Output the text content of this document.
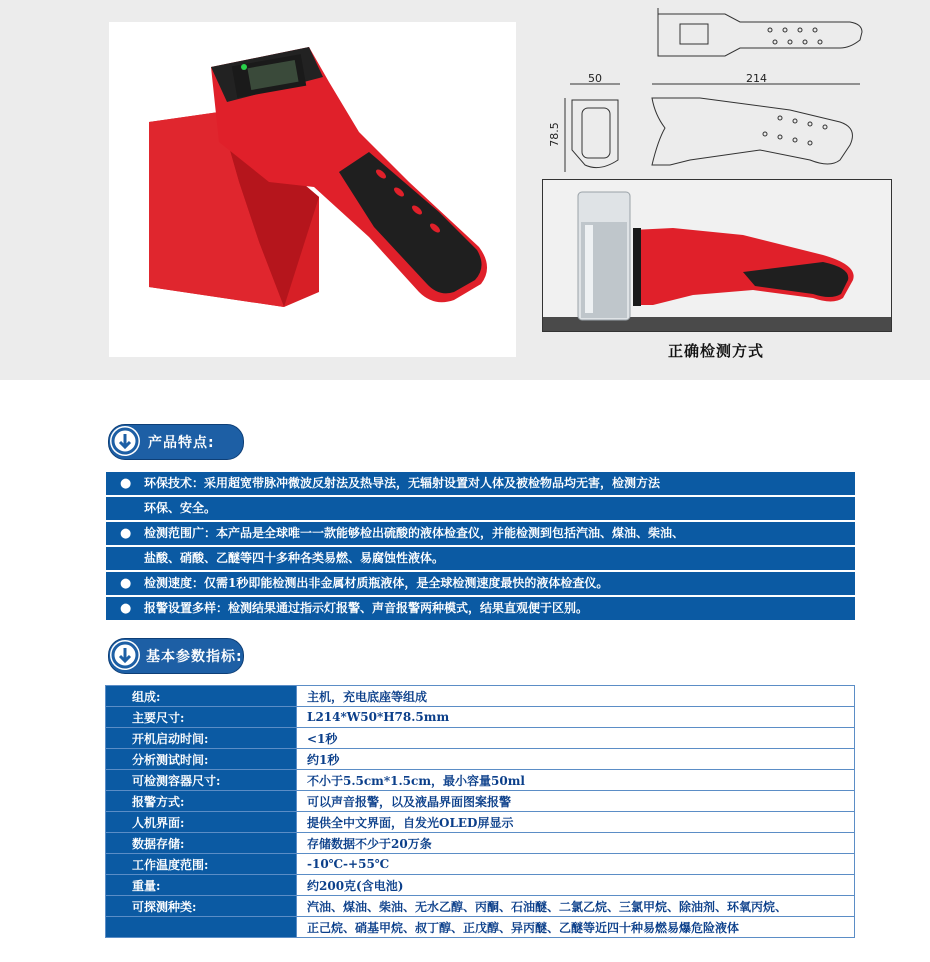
50	214
78.5
正确检测方式
产品特点:
● 环保技术：采用超宽带脉冲微波反射法及热导法，无辐射设置对人体及被检物品均无害，检测方法
环保、安全。
● 检测范围广：本产品是全球唯一一款能够检出硫酸的液体检查仪，并能检测到包括汽油、煤油、柴油、
盐酸、硝酸、乙醚等四十多种各类易燃、易腐蚀性液体。
● 检测速度：仅需1秒即能检测出非金属材质瓶液体，是全球检测速度最快的液体检查仪。
● 报警设置多样：检测结果通过指示灯报警、声音报警两种模式，结果直观便于区别。
基本参数指标:
组成:	主机，充电底座等组成
主要尺寸:	L214*W50*H78.5mm
开机启动时间:	<1秒
分析测试时间:	约1秒
可检测容器尺寸:	不小于5.5cm*1.5cm，最小容量50ml
报警方式:	可以声音报警，以及液晶界面图案报警
人机界面:	提供全中文界面，自发光OLED屏显示
数据存储:	存储数据不少于20万条
工作温度范围:	-10℃-+55℃
重量:	约200克(含电池)
可探测种类:	汽油、煤油、柴油、无水乙醇、丙酮、石油醚、二氯乙烷、三氯甲烷、除油剂、环氧丙烷、
	正己烷、硝基甲烷、叔丁醇、正戊醇、异丙醚、乙醚等近四十种易燃易爆危险液体
